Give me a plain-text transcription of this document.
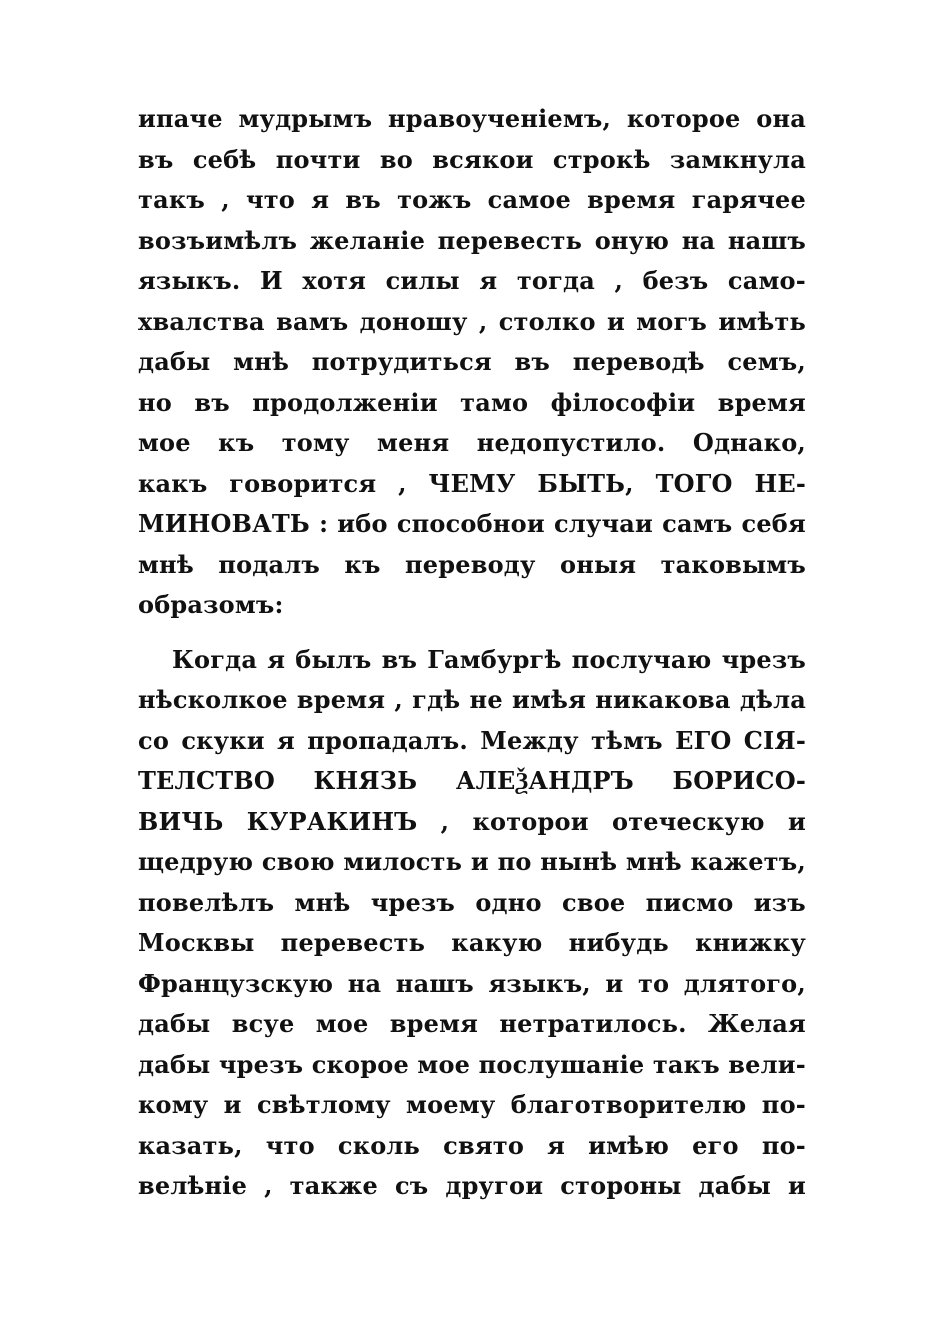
ипаче мудрымъ нравоученіемъ, которое она
въ себѣ почти во всякои строкѣ замкнула
такъ , что я въ тожъ самое время гарячее
возъимѣлъ желаніе перевесть оную на нашъ
языкъ. И хотя силы я тогда , безъ само-
хвалства вамъ доношу , столко и могъ имѣть
дабы мнѣ потрудиться въ переводѣ семъ,
но въ продолженіи тамо філософіи время
мое къ тому меня недопустило. Однако,
какъ говорится , ЧЕМУ БЫТЬ, ТОГО НЕ-
МИНОВАТЬ : ибо способнои случаи самъ себя
мнѣ подалъ къ переводу оныя таковымъ
образомъ:
Когда я былъ въ Гамбургѣ послучаю чрезъ
нѣсколкое время , гдѣ не имѣя никакова дѣла
со скуки я пропадалъ. Между тѣмъ ЕГО СІЯ-
ТЕЛСТВО КНЯЗЬ АЛЕѮАНДРЪ БОРИСО-
ВИЧЬ КУРАКИНЪ , которои отеческую и
щедрую свою милость и по нынѣ мнѣ кажетъ,
повелѣлъ мнѣ чрезъ одно свое писмо изъ
Москвы перевесть какую нибудь книжку
Французскую на нашъ языкъ, и то длятого,
дабы всуе мое время нетратилось. Желая
дабы чрезъ скорое мое послушаніе такъ вели-
кому и свѣтлому моему благотворителю по-
казать, что сколь свято я имѣю его по-
велѣніе , также съ другои стороны дабы и
